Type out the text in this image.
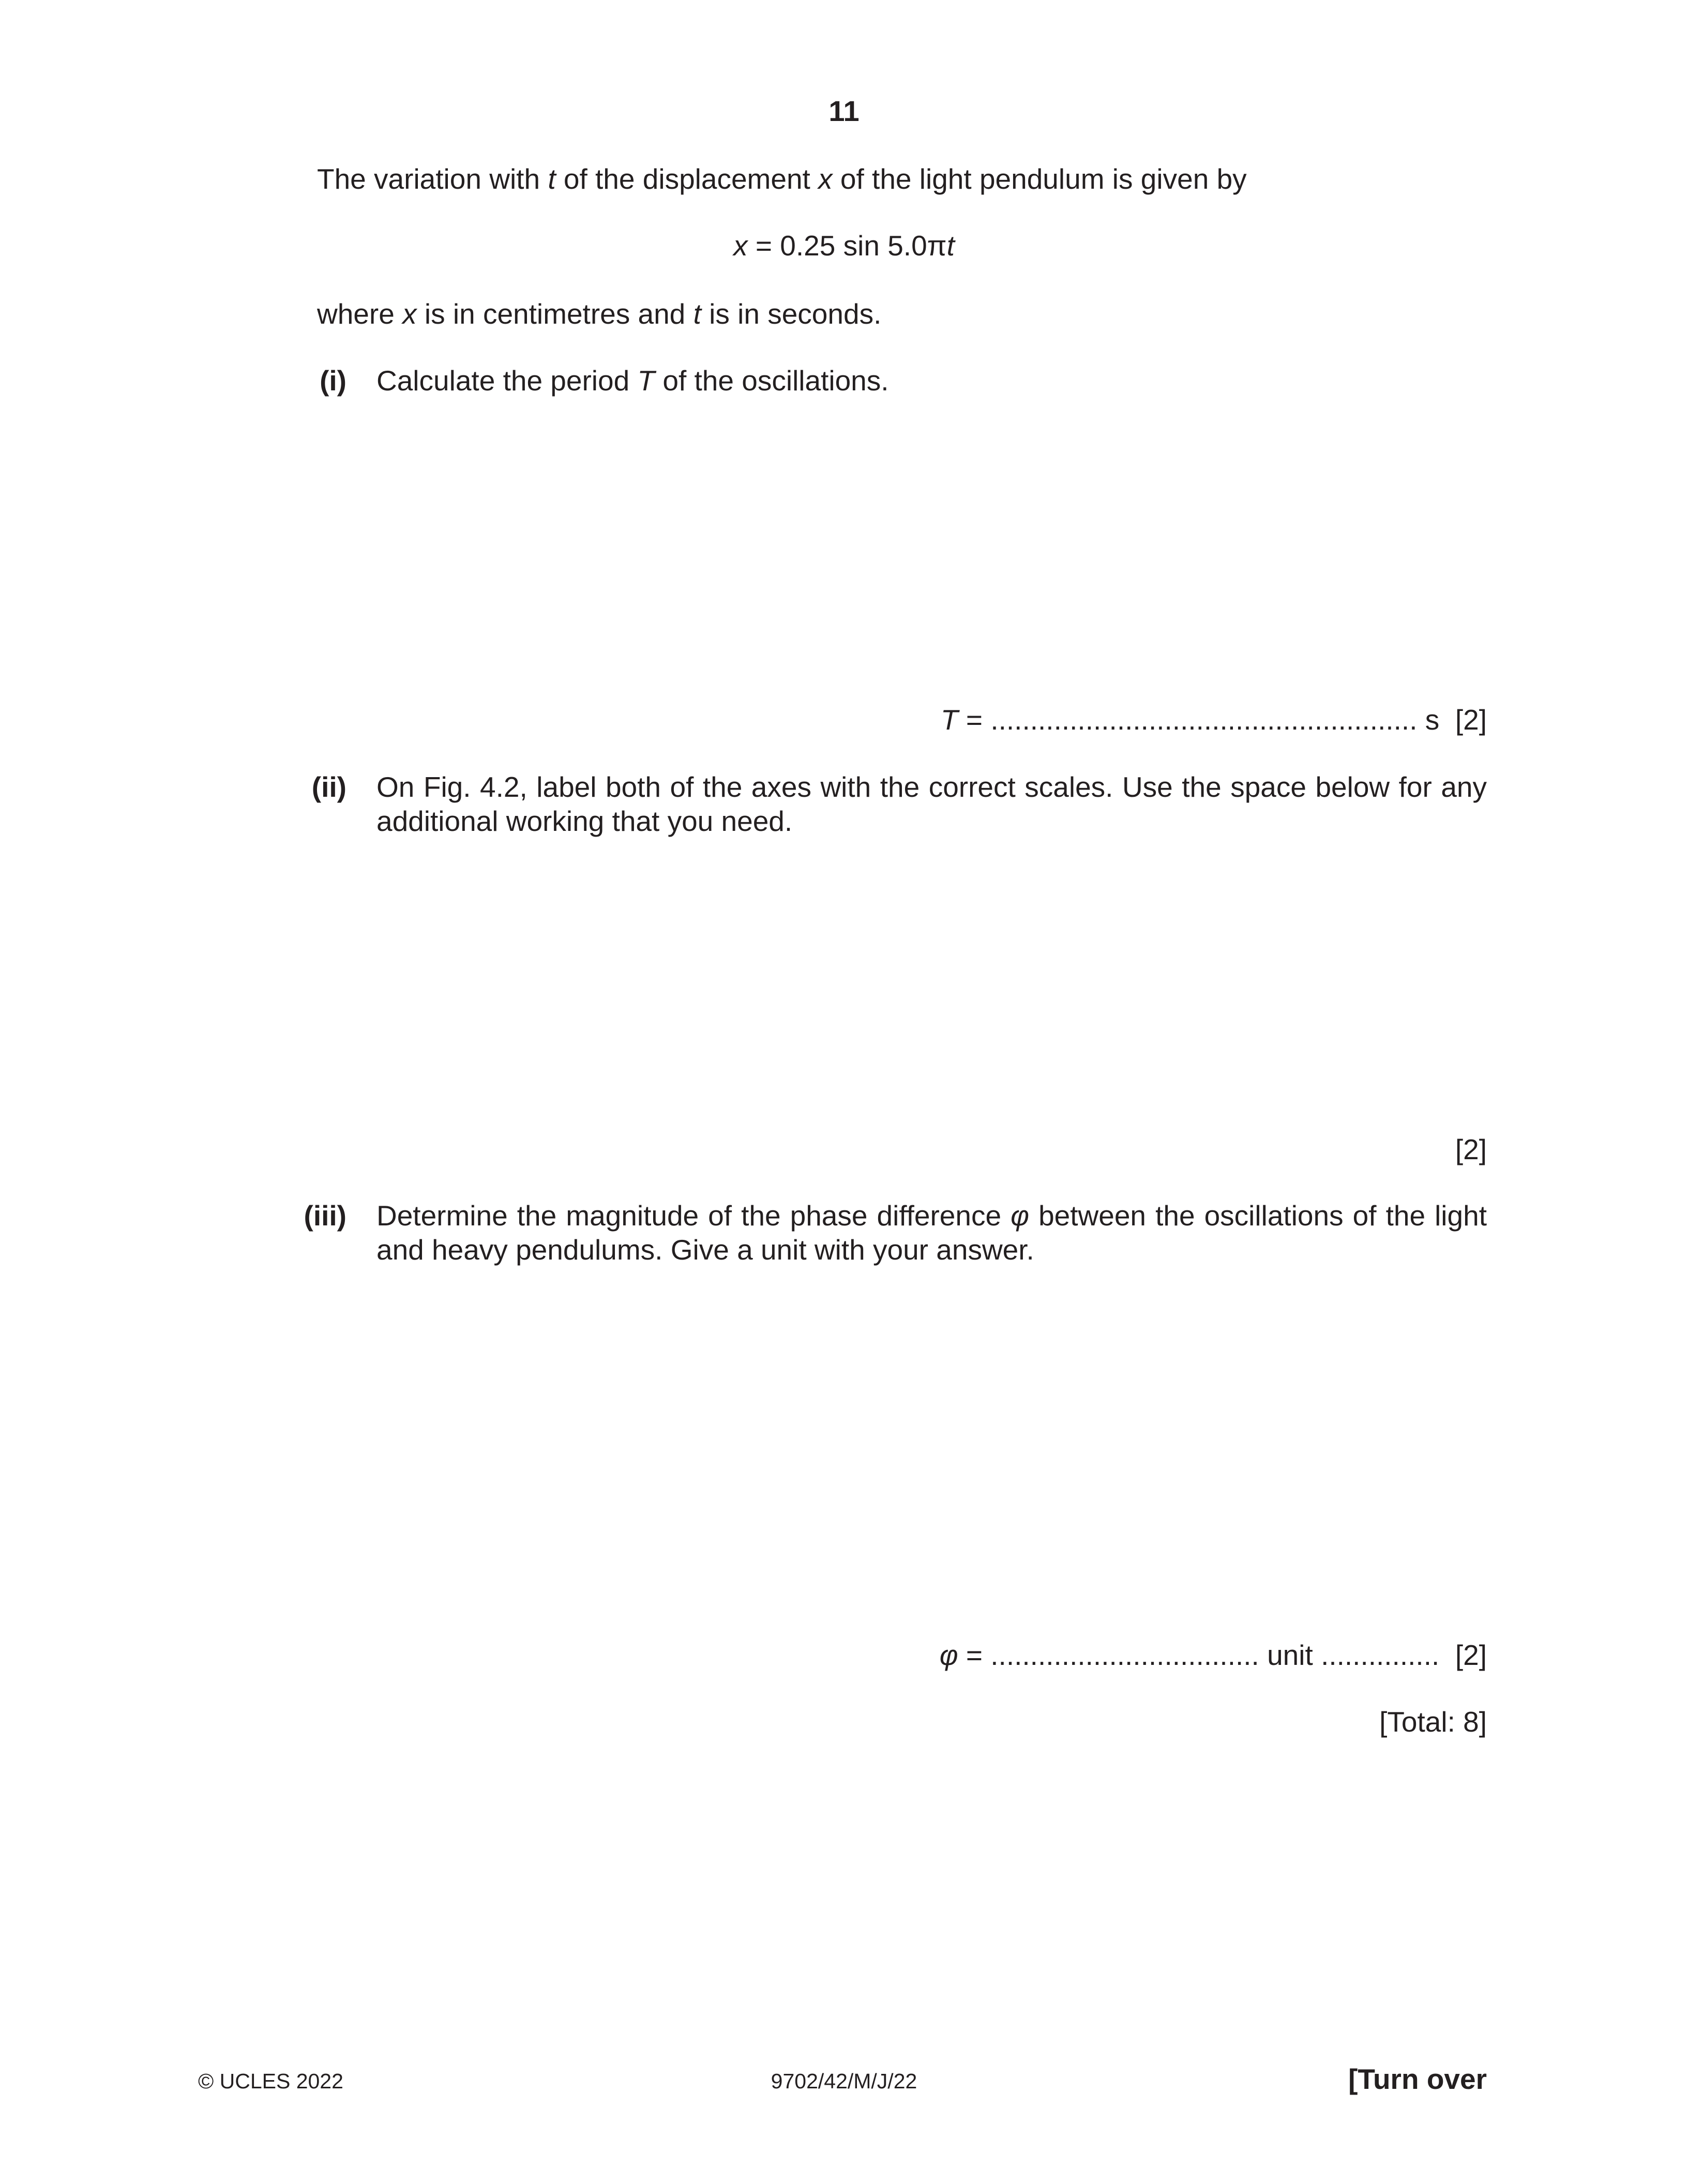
11
The variation with t of the displacement x of the light pendulum is given by
x = 0.25 sin 5.0πt
where x is in centimetres and t is in seconds.
(i) Calculate the period T of the oscillations.
T = ...................................................... s [2]
(ii) On Fig. 4.2, label both of the axes with the correct scales. Use the space below for any additional working that you need.
[2]
(iii) Determine the magnitude of the phase difference φ between the oscillations of the light and heavy pendulums. Give a unit with your answer.
φ = .................................. unit ............... [2]
[Total: 8]
© UCLES 2022	9702/42/M/J/22	[Turn over
